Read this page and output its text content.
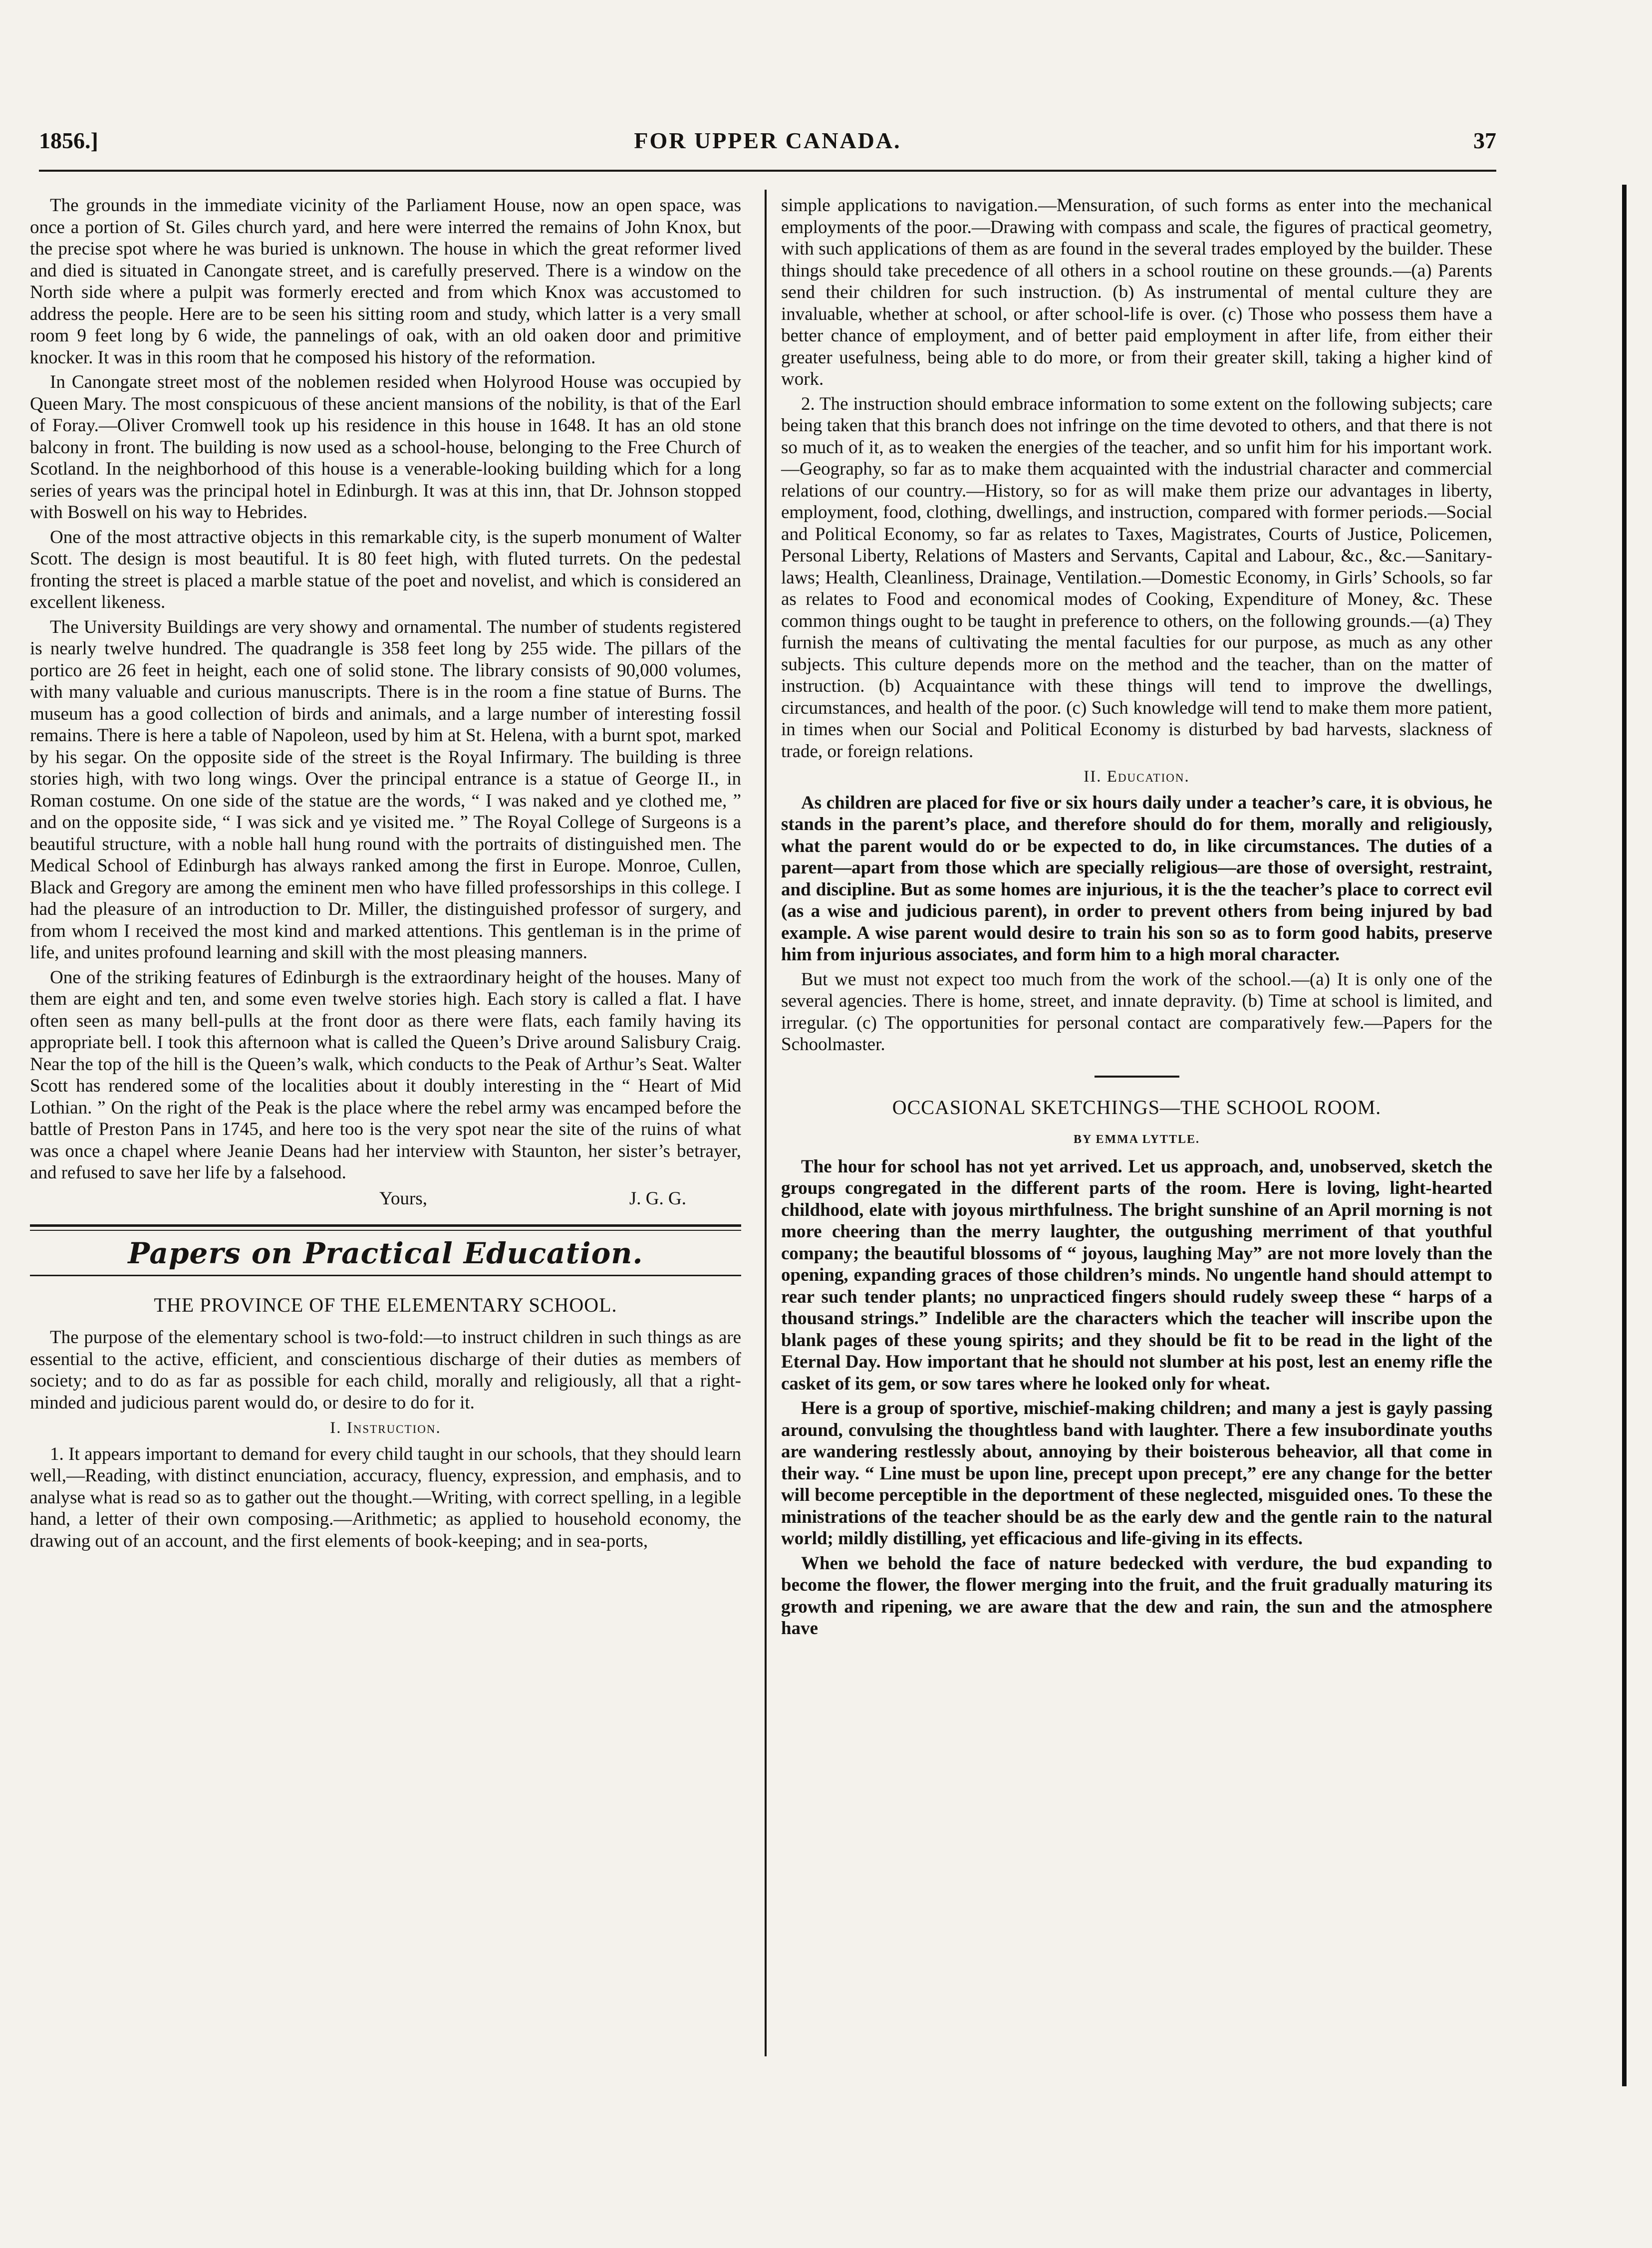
1856.]	FOR UPPER CANADA.	37

The grounds in the immediate vicinity of the Parliament House, now an open space, was once a portion of St. Giles church yard, and here were interred the remains of John Knox, but the precise spot where he was buried is unknown. The house in which the great reformer lived and died is situated in Canongate street, and is carefully preserved. There is a window on the North side where a pulpit was formerly erected and from which Knox was accustomed to address the people. Here are to be seen his sitting room and study, which latter is a very small room 9 feet long by 6 wide, the pannelings of oak, with an old oaken door and primitive knocker. It was in this room that he composed his history of the reformation.

In Canongate street most of the noblemen resided when Holyrood House was occupied by Queen Mary. The most conspicuous of these ancient mansions of the nobility, is that of the Earl of Foray.—Oliver Cromwell took up his residence in this house in 1648. It has an old stone balcony in front. The building is now used as a school-house, belonging to the Free Church of Scotland. In the neighborhood of this house is a venerable-looking building which for a long series of years was the principal hotel in Edinburgh. It was at this inn, that Dr. Johnson stopped with Boswell on his way to Hebrides.

One of the most attractive objects in this remarkable city, is the superb monument of Walter Scott. The design is most beautiful. It is 80 feet high, with fluted turrets. On the pedestal fronting the street is placed a marble statue of the poet and novelist, and which is considered an excellent likeness.

The University Buildings are very showy and ornamental. The number of students registered is nearly twelve hundred. The quadrangle is 358 feet long by 255 wide. The pillars of the portico are 26 feet in height, each one of solid stone. The library consists of 90,000 volumes, with many valuable and curious manuscripts. There is in the room a fine statue of Burns. The museum has a good collection of birds and animals, and a large number of interesting fossil remains. There is here a table of Napoleon, used by him at St. Helena, with a burnt spot, marked by his segar. On the opposite side of the street is the Royal Infirmary. The building is three stories high, with two long wings. Over the principal entrance is a statue of George II., in Roman costume. On one side of the statue are the words, “ I was naked and ye clothed me, ” and on the opposite side, “ I was sick and ye visited me. ” The Royal College of Surgeons is a beautiful structure, with a noble hall hung round with the portraits of distinguished men. The Medical School of Edinburgh has always ranked among the first in Europe. Monroe, Cullen, Black and Gregory are among the eminent men who have filled professorships in this college. I had the pleasure of an introduction to Dr. Miller, the distinguished professor of surgery, and from whom I received the most kind and marked attentions. This gentleman is in the prime of life, and unites profound learning and skill with the most pleasing manners.

One of the striking features of Edinburgh is the extraordinary height of the houses. Many of them are eight and ten, and some even twelve stories high. Each story is called a flat. I have often seen as many bell-pulls at the front door as there were flats, each family having its appropriate bell. I took this afternoon what is called the Queen’s Drive around Salisbury Craig. Near the top of the hill is the Queen’s walk, which conducts to the Peak of Arthur’s Seat. Walter Scott has rendered some of the localities about it doubly interesting in the “ Heart of Mid Lothian. ” On the right of the Peak is the place where the rebel army was encamped before the battle of Preston Pans in 1745, and here too is the very spot near the site of the ruins of what was once a chapel where Jeanie Deans had her interview with Staunton, her sister’s betrayer, and refused to save her life by a falsehood.

Yours,	J. G. G.
Papers on Practical Education.
THE PROVINCE OF THE ELEMENTARY SCHOOL.

The purpose of the elementary school is two-fold:—to instruct children in such things as are essential to the active, efficient, and conscientious discharge of their duties as members of society; and to do as far as possible for each child, morally and religiously, all that a right-minded and judicious parent would do, or desire to do for it.

I. Instruction.

1. It appears important to demand for every child taught in our schools, that they should learn well,—Reading, with distinct enunciation, accuracy, fluency, expression, and emphasis, and to analyse what is read so as to gather out the thought.—Writing, with correct spelling, in a legible hand, a letter of their own composing.—Arithmetic; as applied to household economy, the drawing out of an account, and the first elements of book-keeping; and in sea-ports,

simple applications to navigation.—Mensuration, of such forms as enter into the mechanical employments of the poor.—Drawing with compass and scale, the figures of practical geometry, with such applications of them as are found in the several trades employed by the builder. These things should take precedence of all others in a school routine on these grounds.—(a) Parents send their children for such instruction. (b) As instrumental of mental culture they are invaluable, whether at school, or after school-life is over. (c) Those who possess them have a better chance of employment, and of better paid employment in after life, from either their greater usefulness, being able to do more, or from their greater skill, taking a higher kind of work.

2. The instruction should embrace information to some extent on the following subjects; care being taken that this branch does not infringe on the time devoted to others, and that there is not so much of it, as to weaken the energies of the teacher, and so unfit him for his important work.—Geography, so far as to make them acquainted with the industrial character and commercial relations of our country.—History, so for as will make them prize our advantages in liberty, employment, food, clothing, dwellings, and instruction, compared with former periods.—Social and Political Economy, so far as relates to Taxes, Magistrates, Courts of Justice, Policemen, Personal Liberty, Relations of Masters and Servants, Capital and Labour, &c., &c.—Sanitary-laws; Health, Cleanliness, Drainage, Ventilation.—Domestic Economy, in Girls’ Schools, so far as relates to Food and economical modes of Cooking, Expenditure of Money, &c. These common things ought to be taught in preference to others, on the following grounds.—(a) They furnish the means of cultivating the mental faculties for our purpose, as much as any other subjects. This culture depends more on the method and the teacher, than on the matter of instruction. (b) Acquaintance with these things will tend to improve the dwellings, circumstances, and health of the poor. (c) Such knowledge will tend to make them more patient, in times when our Social and Political Economy is disturbed by bad harvests, slackness of trade, or foreign relations.

II. Education.

As children are placed for five or six hours daily under a teacher’s care, it is obvious, he stands in the parent’s place, and therefore should do for them, morally and religiously, what the parent would do or be expected to do, in like circumstances. The duties of a parent—apart from those which are specially religious—are those of oversight, restraint, and discipline. But as some homes are injurious, it is the the teacher’s place to correct evil (as a wise and judicious parent), in order to prevent others from being injured by bad example. A wise parent would desire to train his son so as to form good habits, preserve him from injurious associates, and form him to a high moral character.

But we must not expect too much from the work of the school.—(a) It is only one of the several agencies. There is home, street, and innate depravity. (b) Time at school is limited, and irregular. (c) The opportunities for personal contact are comparatively few.—Papers for the Schoolmaster.

OCCASIONAL SKETCHINGS—THE SCHOOL ROOM.
BY EMMA LYTTLE.

The hour for school has not yet arrived. Let us approach, and, unobserved, sketch the groups congregated in the different parts of the room. Here is loving, light-hearted childhood, elate with joyous mirthfulness. The bright sunshine of an April morning is not more cheering than the merry laughter, the outgushing merriment of that youthful company; the beautiful blossoms of “ joyous, laughing May” are not more lovely than the opening, expanding graces of those children’s minds. No ungentle hand should attempt to rear such tender plants; no unpracticed fingers should rudely sweep these “ harps of a thousand strings.” Indelible are the characters which the teacher will inscribe upon the blank pages of these young spirits; and they should be fit to be read in the light of the Eternal Day. How important that he should not slumber at his post, lest an enemy rifle the casket of its gem, or sow tares where he looked only for wheat.

Here is a group of sportive, mischief-making children; and many a jest is gayly passing around, convulsing the thoughtless band with laughter. There a few insubordinate youths are wandering restlessly about, annoying by their boisterous beheavior, all that come in their way. “ Line must be upon line, precept upon precept,” ere any change for the better will become perceptible in the deportment of these neglected, misguided ones. To these the ministrations of the teacher should be as the early dew and the gentle rain to the natural world; mildly distilling, yet efficacious and life-giving in its effects.

When we behold the face of nature bedecked with verdure, the bud expanding to become the flower, the flower merging into the fruit, and the fruit gradually maturing its growth and ripening, we are aware that the dew and rain, the sun and the atmosphere have
